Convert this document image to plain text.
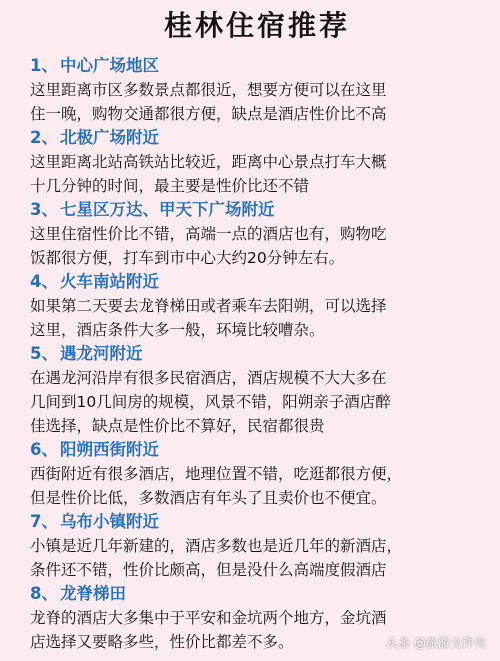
桂林住宿推荐
1、 中心广场地区
这里距离市区多数景点都很近，想要方便可以在这里
住一晚，购物交通都很方便，缺点是酒店性价比不高
2、 北极广场附近
这里距离北站高铁站比较近，距离中心景点打车大概
十几分钟的时间，最主要是性价比还不错
3、 七星区万达、甲天下广场附近
这里住宿性价比不错，高端一点的酒店也有，购物吃
饭都很方便，打车到市中心大约20分钟左右。
4、 火车南站附近
如果第二天要去龙脊梯田或者乘车去阳朔，可以选择
这里，酒店条件大多一般，环境比较嘈杂。
5、 遇龙河附近
在遇龙河沿岸有很多民宿酒店，酒店规模不大大多在
几间到10几间房的规模，风景不错，阳朔亲子酒店醉
佳选择，缺点是性价比不算好，民宿都很贵
6、 阳朔西街附近
西街附近有很多酒店，地理位置不错，吃逛都很方便，
但是性价比低，多数酒店有年头了且卖价也不便宜。
7、 乌布小镇附近
小镇是近几年新建的，酒店多数也是近几年的新酒店，
条件还不错，性价比颇高，但是没什么高端度假酒店
8、 龙脊梯田
龙脊的酒店大多集中于平安和金坑两个地方，金坑酒
店选择又要略多些，性价比都差不多。	头条 @旅游文件夹
